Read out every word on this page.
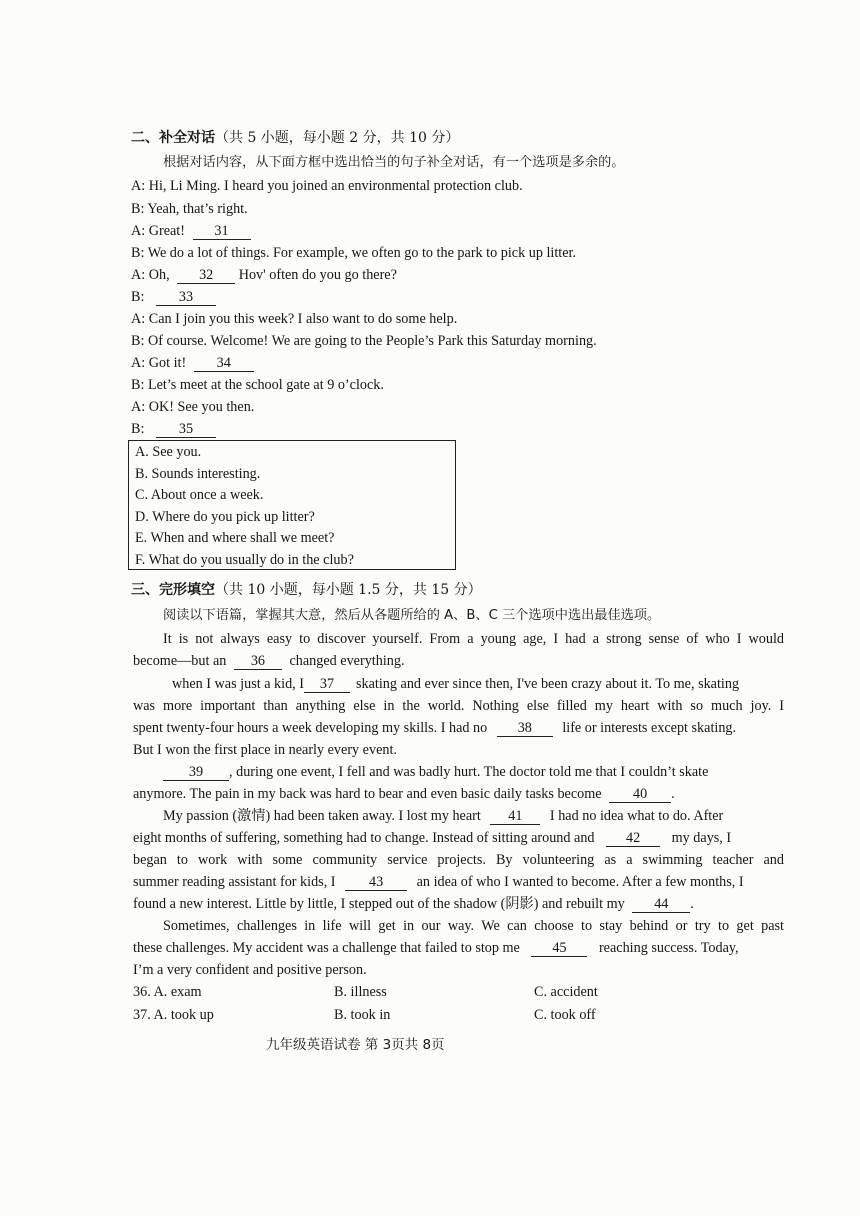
二、补全对话（共 5 小题，每小题 2 分，共 10 分）
根据对话内容，从下面方框中选出恰当的句子补全对话，有一个选项是多余的。
A: Hi, Li Ming. I heard you joined an environmental protection club.
B: Yeah, that’s right.
A: Great! 31
B: We do a lot of things. For example, we often go to the park to pick up litter.
A: Oh, 32 Hov' often do you go there?
B: 33
A: Can I join you this week? I also want to do some help.
B: Of course. Welcome! We are going to the People’s Park this Saturday morning.
A: Got it! 34
B: Let’s meet at the school gate at 9 o’clock.
A: OK! See you then.
B: 35
A. See you.
B. Sounds interesting.
C. About once a week.
D. Where do you pick up litter?
E. When and where shall we meet?
F. What do you usually do in the club?
三、完形填空（共 10 小题，每小题 1.5 分，共 15 分）
阅读以下语篇，掌握其大意，然后从各题所给的 A、B、C 三个选项中选出最佳选项。
It is not always easy to discover yourself. From a young age, I had a strong sense of who I would
become—but an 36 changed everything.
when I was just a kid, I 37 skating and ever since then, I've been crazy about it. To me, skating
was more important than anything else in the world. Nothing else filled my heart with so much joy. I
spent twenty-four hours a week developing my skills. I had no 38 life or interests except skating.
But I won the first place in nearly every event.
39 , during one event, I fell and was badly hurt. The doctor told me that I couldn’t skate
anymore. The pain in my back was hard to bear and even basic daily tasks become 40 .
My passion (激情) had been taken away. I lost my heart 41 I had no idea what to do. After
eight months of suffering, something had to change. Instead of sitting around and 42 my days, I
began to work with some community service projects. By volunteering as a swimming teacher and
summer reading assistant for kids, I 43 an idea of who I wanted to become. After a few months, I
found a new interest. Little by little, I stepped out of the shadow (阴影) and rebuilt my 44 .
Sometimes, challenges in life will get in our way. We can choose to stay behind or try to get past
these challenges. My accident was a challenge that failed to stop me 45 reaching success. Today,
I’m a very confident and positive person.
36. A. exam	B. illness	C. accident
37. A. took up	B. took in	C. took off
九年级英语试卷 第 3页共 8页
